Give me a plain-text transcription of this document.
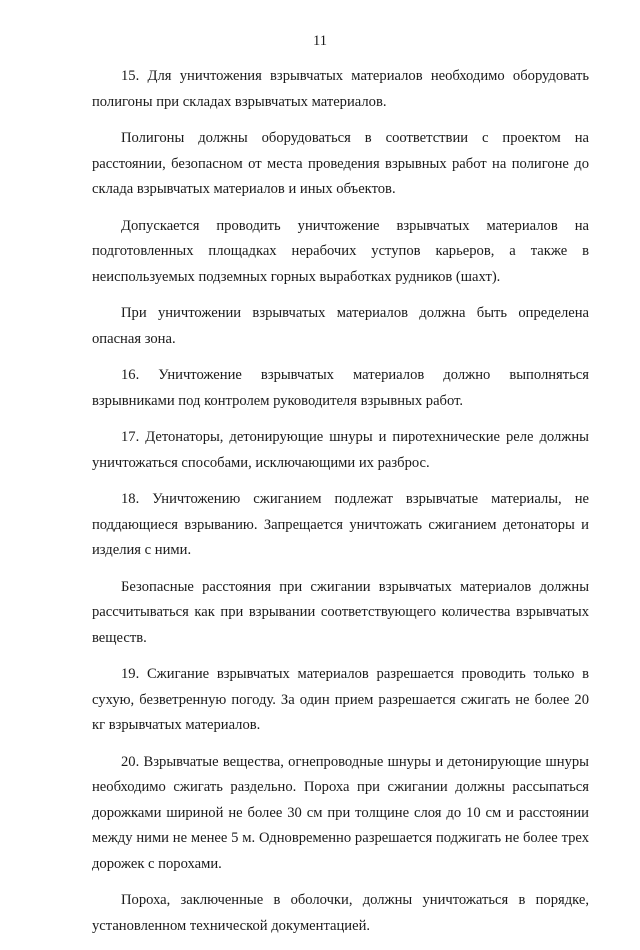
11

15. Для уничтожения взрывчатых материалов необходимо оборудовать полигоны при складах взрывчатых материалов.

Полигоны должны оборудоваться в соответствии с проектом на расстоянии, безопасном от места проведения взрывных работ на полигоне до склада взрывчатых материалов и иных объектов.

Допускается проводить уничтожение взрывчатых материалов на подготовленных площадках нерабочих уступов карьеров, а также в неиспользуемых подземных горных выработках рудников (шахт).

При уничтожении взрывчатых материалов должна быть определена опасная зона.

16. Уничтожение взрывчатых материалов должно выполняться взрывниками под контролем руководителя взрывных работ.

17. Детонаторы, детонирующие шнуры и пиротехнические реле должны уничтожаться способами, исключающими их разброс.

18. Уничтожению сжиганием подлежат взрывчатые материалы, не поддающиеся взрыванию. Запрещается уничтожать сжиганием детонаторы и изделия с ними.

Безопасные расстояния при сжигании взрывчатых материалов должны рассчитываться как при взрывании соответствующего количества взрывчатых веществ.

19. Сжигание взрывчатых материалов разрешается проводить только в сухую, безветренную погоду. За один прием разрешается сжигать не более 20 кг взрывчатых материалов.

20. Взрывчатые вещества, огнепроводные шнуры и детонирующие шнуры необходимо сжигать раздельно. Пороха при сжигании должны рассыпаться дорожками шириной не более 30 см при толщине слоя до 10 см и расстоянии между ними не менее 5 м. Одновременно разрешается поджигать не более трех дорожек с порохами.

Пороха, заключенные в оболочки, должны уничтожаться в порядке, установленном технической документацией.
